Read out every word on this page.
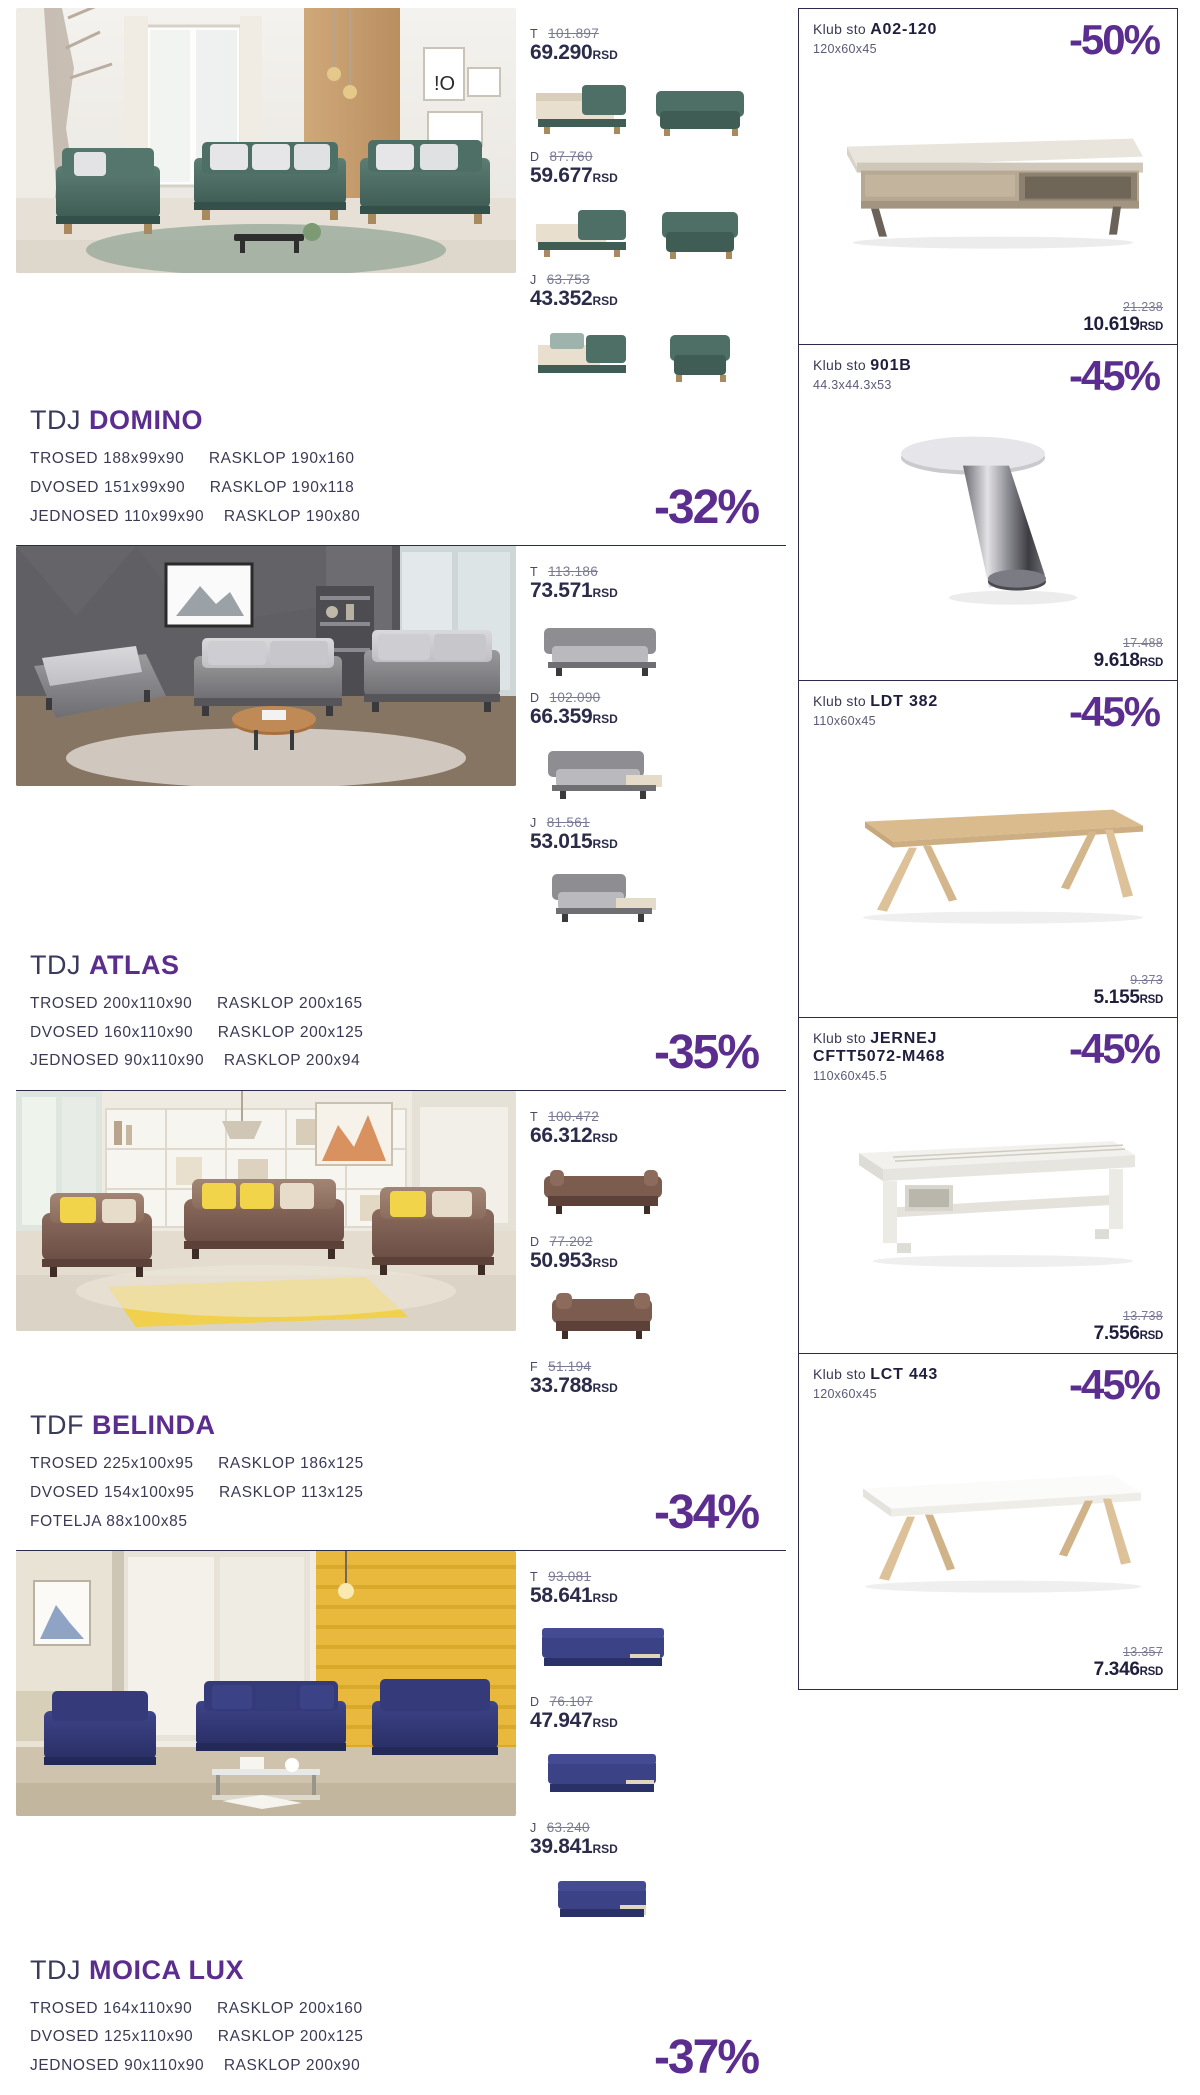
!O
T 101.897
69.290RSD
D 87.760
59.677RSD
J 63.753
43.352RSD
TDJ DOMINO
TROSED 188x99x90     RASKLOP 190x160
DVOSED 151x99x90     RASKLOP 190x118
JEDNOSED 110x99x90    RASKLOP 190x80	-32%
T 113.186
73.571RSD
D 102.090
66.359RSD
J 81.561
53.015RSD
TDJ ATLAS
TROSED 200x110x90     RASKLOP 200x165
DVOSED 160x110x90     RASKLOP 200x125
JEDNOSED 90x110x90    RASKLOP 200x94	-35%
T 100.472
66.312RSD
D 77.202
50.953RSD
F 51.194
33.788RSD
TDF BELINDA
TROSED 225x100x95     RASKLOP 186x125
DVOSED 154x100x95     RASKLOP 113x125
FOTELJA 88x100x85	-34%
T 93.081
58.641RSD
D 76.107
47.947RSD
J 63.240
39.841RSD
TDJ MOICA LUX
TROSED 164x110x90     RASKLOP 200x160
DVOSED 125x110x90     RASKLOP 200x125
JEDNOSED 90x110x90    RASKLOP 200x90	-37%
Klub sto A02-120
120x60x45	-50%
21.238
10.619RSD
Klub sto 901B
44.3x44.3x53	-45%
17.488
9.618RSD
Klub sto LDT 382
110x60x45	-45%
9.373
5.155RSD
Klub sto JERNEJ
CFTT5072-M468
110x60x45.5
-45%
13.738
7.556RSD
Klub sto LCT 443
120x60x45	-45%
13.357
7.346RSD
